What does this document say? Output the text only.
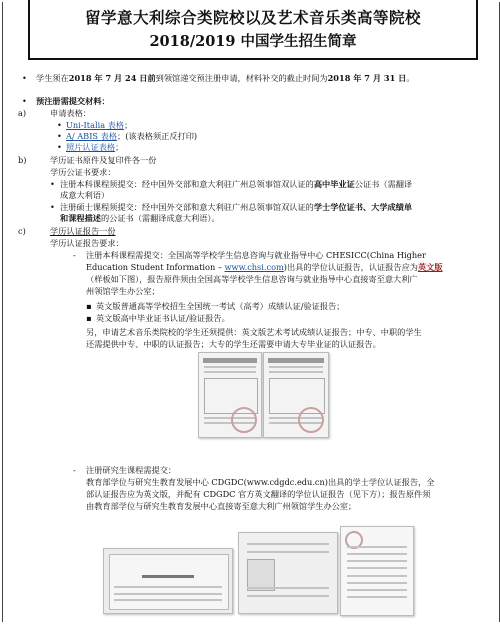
留学意大利综合类院校以及艺术音乐类高等院校
2018/2019 中国学生招生简章
• 学生须在2018 年 7 月 24 日前到领馆递交预注册申请，材料补交的截止时间为2018 年 7 月 31 日。
• 预注册需提交材料：
a)	申请表格：
• Uni-Italia 表格；
• A/ ABIS 表格；(该表格须正反打印)
• 照片认证表格；
b)	学历证书原件及复印件各一份
学历公证书要求：
• 注册本科课程须提交：经中国外交部和意大利驻广州总领事馆双认证的高中毕业证公证书（需翻译
成意大利语）
• 注册硕士课程须提交：经中国外交部和意大利驻广州总领事馆双认证的学士学位证书、大学成绩单
和课程描述的公证书（需翻译成意大利语）。
c)	学历认证报告一份
学历认证报告要求：
- 注册本科课程需提交：全国高等学校学生信息咨询与就业指导中心 CHESICC(China Higher
Education Student Information – www.chsi.com)出具的学位认证报告，认证报告应为英文版
（样板如下图），报告原件须由全国高等学校学生信息咨询与就业指导中心直接寄至意大利广
州领馆学生办公室；
▪ 英文版普通高等学校招生全国统一考试（高考）成绩认证/验证报告；
▪ 英文版高中毕业证书认证/验证报告。
另，申请艺术音乐类院校的学生还须提供：英文版艺术考试成绩认证报告；中专、中职的学生
还需提供中专、中职的认证报告；大专的学生还需要申请大专毕业证的认证报告。
- 注册研究生课程需提交：
教育部学位与研究生教育发展中心 CDGDC(www.cdgdc.edu.cn)出具的学士学位认证报告，全
部认证报告应为英文版，并配有 CDGDC 官方英文翻译的学位认证报告（见下方）；报告原件须
由教育部学位与研究生教育发展中心直接寄至意大利广州领馆学生办公室；
